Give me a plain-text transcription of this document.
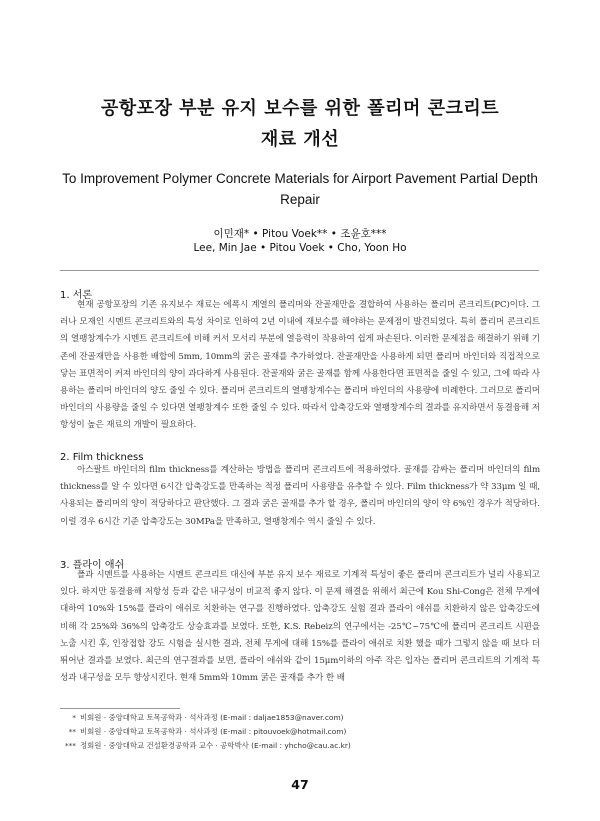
공항포장 부분 유지 보수를 위한 폴리머 콘크리트
재료 개선
To Improvement Polymer Concrete Materials for Airport Pavement Partial Depth
Repair
이민재* • Pitou Voek** • 조윤호***
Lee, Min Jae • Pitou Voek • Cho, Yoon Ho
1. 서론
현재 공항포장의 기존 유지보수 재료는 에폭시 계열의 폴리머와 잔골재만을 결합하여 사용하는 폴리머 콘크리트(PC)이다. 그러나 모재인 시멘트 콘크리트와의 특성 차이로 인하여 2년 이내에 재보수를 해야하는 문제점이 발견되었다. 특히 폴리머 콘크리트의 열팽창계수가 시멘트 콘크리트에 비해 커서 모서리 부분에 열응력이 작용하여 쉽게 파손된다. 이러한 문제점을 해결하기 위해 기존에 잔골재만을 사용한 배합에 5mm, 10mm의 굵은 골재를 추가하였다. 잔골재만을 사용하게 되면 폴리머 바인더와 직접적으로 닿는 표면적이 커져 바인더의 양이 과다하게 사용된다. 잔골재와 굵은 골재를 함께 사용한다면 표면적을 줄일 수 있고, 그에 따라 사용하는 폴리머 바인더의 양도 줄일 수 있다. 폴리머 콘크리트의 열팽창계수는 폴리머 바인더의 사용량에 비례한다. 그러므로 폴리머 바인더의 사용량을 줄일 수 있다면 열팽창계수 또한 줄일 수 있다. 따라서 압축강도와 열팽창계수의 결과를 유지하면서 동결융해 저항성이 높은 재료의 개발이 필요하다.
2. Film thickness
아스팔트 바인더의 film thickness를 계산하는 방법을 폴리머 콘크리트에 적용하였다. 골재를 감싸는 폴리머 바인더의 film thickness를 알 수 있다면 6시간 압축강도를 만족하는 적정 폴리머 사용량을 유추할 수 있다. Film thickness가 약 33μm 일 때, 사용되는 폴리머의 양이 적당하다고 판단했다. 그 결과 굵은 골재를 추가 할 경우, 폴리머 바인더의 양이 약 6%인 경우가 적당하다. 이럴 경우 6시간 기준 압축강도는 30MPa을 만족하고, 열팽창계수 역시 줄일 수 있다.
3. 플라이 애쉬
폴과 시멘트를 사용하는 시멘트 콘크리트 대신에 부분 유지 보수 재료로 기계적 특성이 좋은 폴리머 콘크리트가 널리 사용되고 있다. 하지만 동결융해 저항성 등과 같은 내구성이 비교적 좋지 않다. 이 문제 해결을 위해서 최근에 Kou Shi-Cong은 전체 무게에 대하여 10%와 15%를 플라이 애쉬로 치환하는 연구를 진행하였다. 압축강도 실험 결과 플라이 애쉬를 치환하지 않은 압축강도에 비해 각 25%와 36%의 압축강도 상승효과를 보였다. 또한, K.S. Rebeiz의 연구에서는 -25℃~75℃에 폴리머 콘크리트 시편을 노출 시킨 후, 인장접합 강도 시험을 실시한 결과, 전체 무게에 대해 15%를 플라이 애쉬로 치환 했을 때가 그렇지 않을 때 보다 더 뛰어난 결과를 보였다. 최근의 연구결과를 보면, 플라이 애쉬와 같이 15μm이하의 아주 작은 입자는 폴리머 콘크리트의 기계적 특성과 내구성을 모두 향상시킨다. 현재 5mm와 10mm 굵은 골재를 추가 한 배
* 비회원 · 중앙대학교 토목공학과 · 석사과정 (E-mail : daljae1853@naver.com)
** 비회원 · 중앙대학교 토목공학과 · 석사과정 (E-mail : pitouvoek@hotmail.com)
*** 정회원 · 중앙대학교 건설환경공학과 교수 · 공학박사 (E-mail : yhcho@cau.ac.kr)
47
